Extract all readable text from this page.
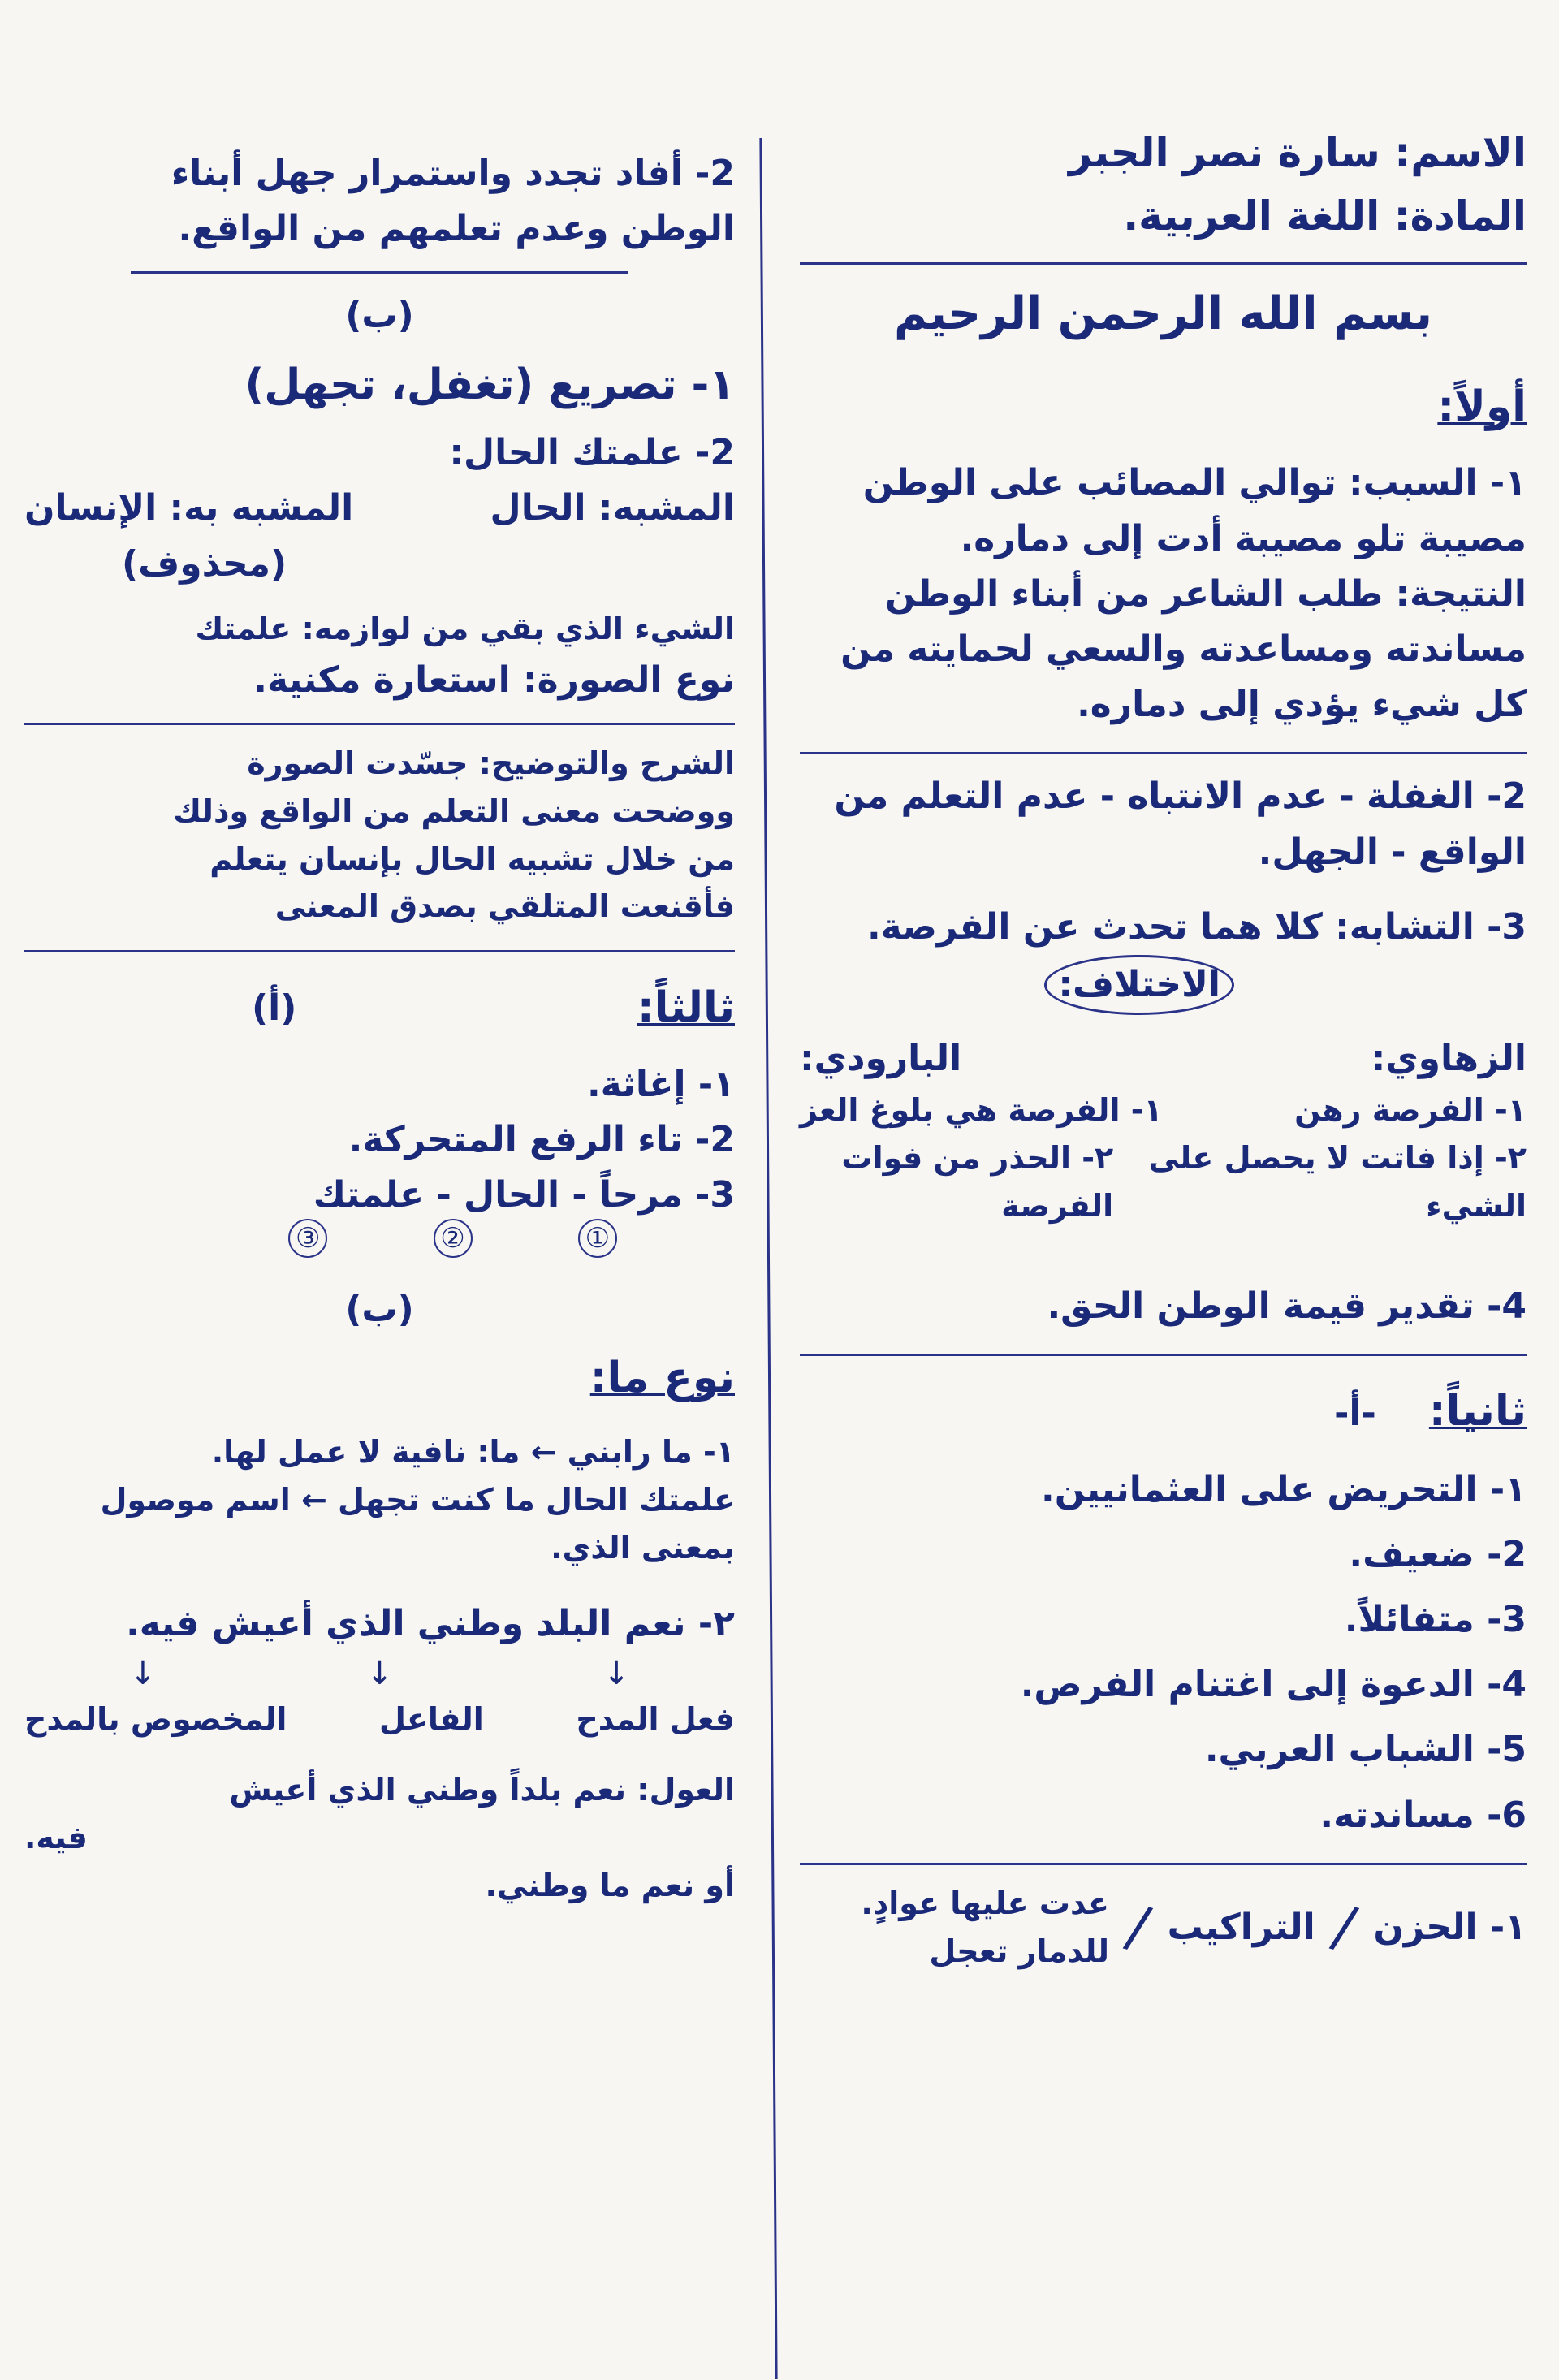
الاسم: سارة نصر الجبر
المادة: اللغة العربية.
بسم الله الرحمن الرحيم
أولاً:
١- السبب: توالي المصائب على الوطن
مصيبة تلو مصيبة أدت إلى دماره.
النتيجة: طلب الشاعر من أبناء الوطن
مساندته ومساعدته والسعي لحمايته من
كل شيء يؤدي إلى دماره.
2- الغفلة - عدم الانتباه - عدم التعلم من
الواقع - الجهل.
3- التشابه: كلا هما تحدث عن الفرصة.
الاختلاف:
الزهاوي:
البارودي:
١- الفرصة رهن
١- الفرصة هي بلوغ العز
٢- إذا فاتت لا يحصل على الشيء
٢- الحذر من فوات الفرصة
4- تقدير قيمة الوطن الحق.
ثانياً: -أ-
١- التحريض على العثمانيين.
2- ضعيف.
3- متفائلاً.
4- الدعوة إلى اغتنام الفرص.
5- الشباب العربي.
6- مساندته.
١- الحزن
/
التراكيب
/
عدت عليها عوادٍ.
للدمار تعجل
2- أفاد تجدد واستمرار جهل أبناء
الوطن وعدم تعلمهم من الواقع.
(ب)
١- تصريع (تغفل، تجهل)
2- علمتك الحال:
المشبه: الحال
المشبه به: الإنسان
(محذوف)
الشيء الذي بقي من لوازمه: علمتك
نوع الصورة: استعارة مكنية.
الشرح والتوضيح: جسّدت الصورة
ووضحت معنى التعلم من الواقع وذلك
من خلال تشبيه الحال بإنسان يتعلم
فأقنعت المتلقي بصدق المعنى
ثالثاً:
(أ)
١- إغاثة.
2- تاء الرفع المتحركة.
3- مرحاً - الحال - علمتك
①
②
③
(ب)
نوع ما:
١- ما رابني ← ما: نافية لا عمل لها.
علمتك الحال ما كنت تجهل ← اسم موصول
بمعنى الذي.
٢- نعم البلد وطني الذي أعيش فيه.
↓
↓
↓
فعل المدح
الفاعل
المخصوص بالمدح
العول: نعم بلداً وطني الذي أعيش
فيه.
أو نعم ما وطني.
